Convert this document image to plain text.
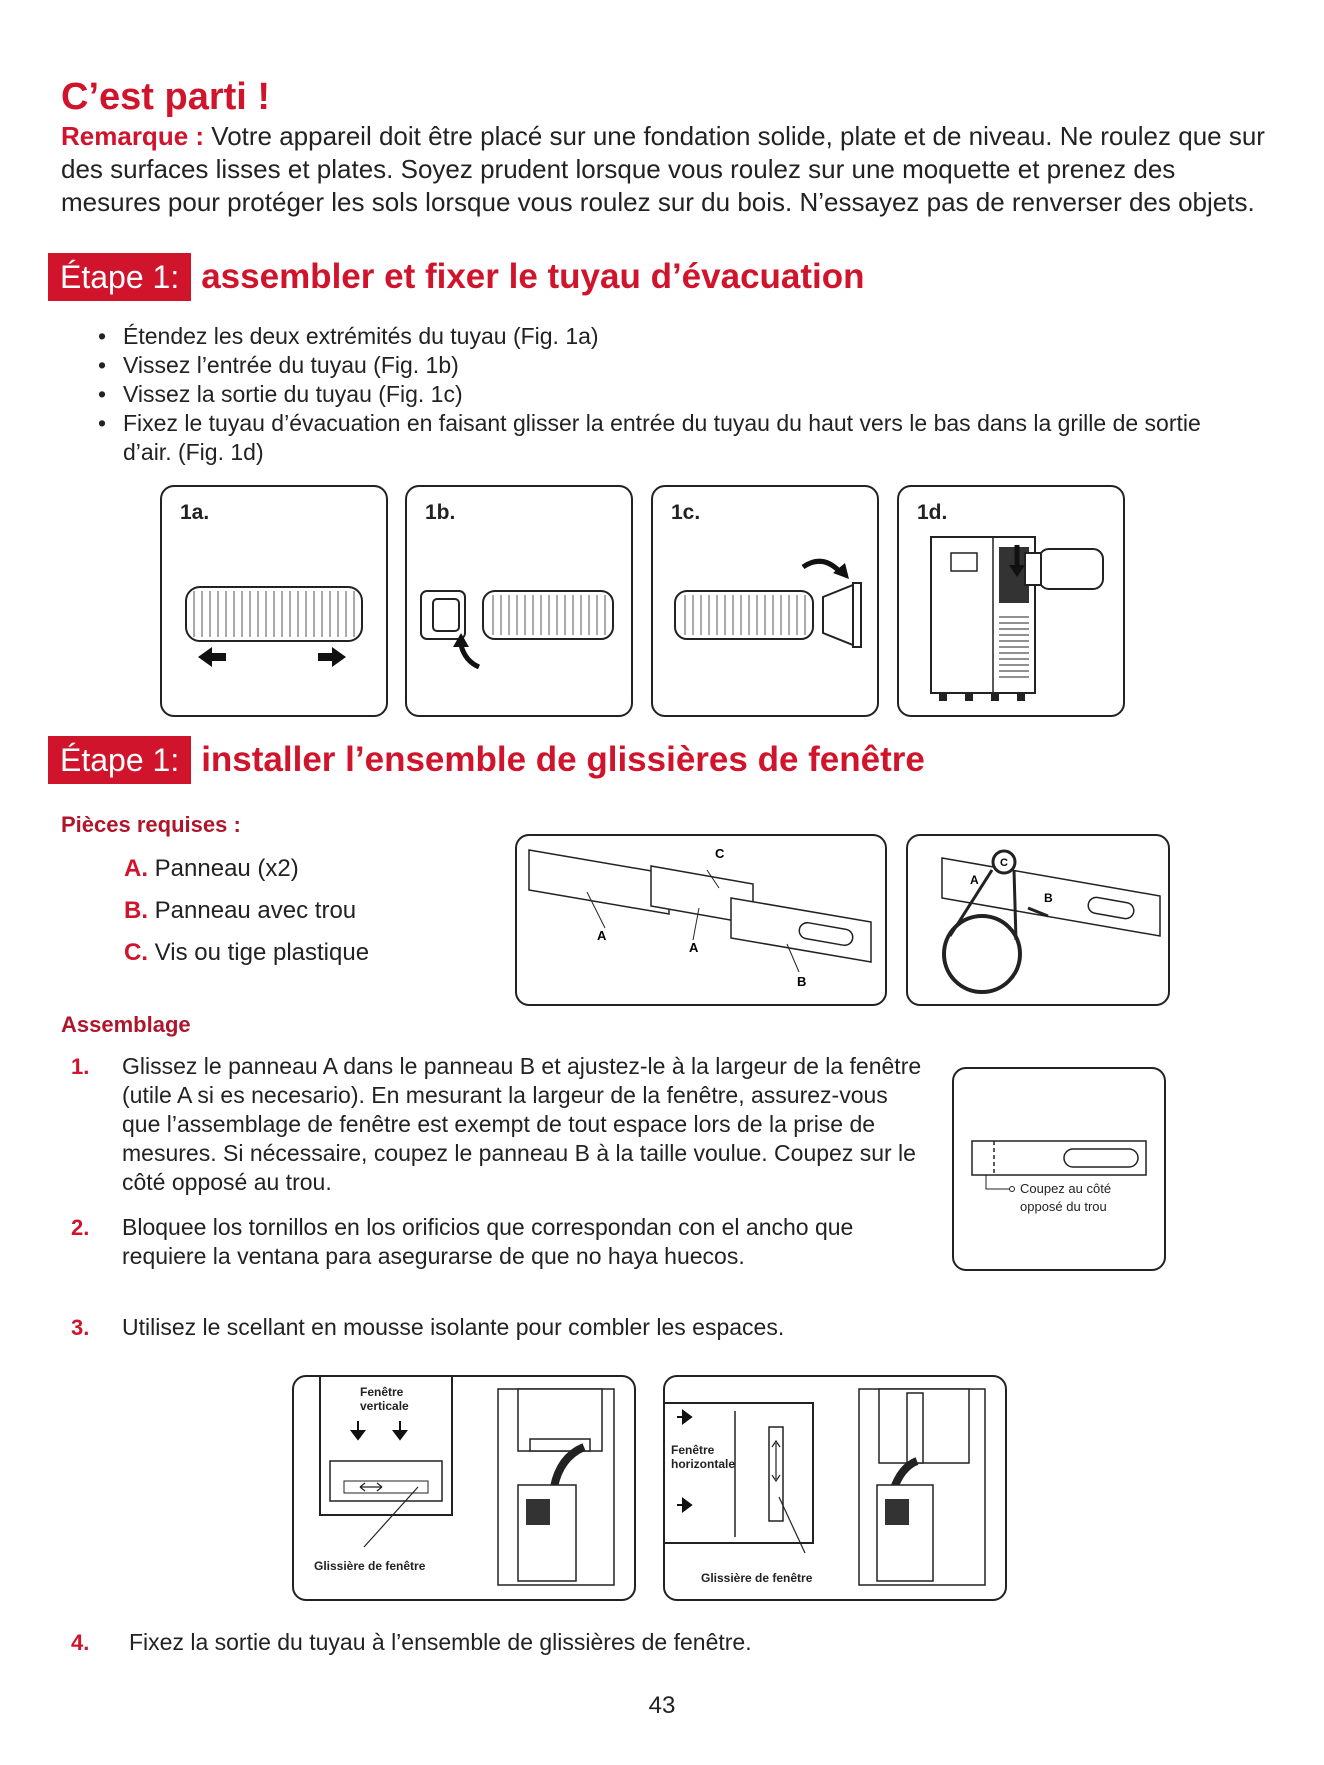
C’est parti !
Remarque : Votre appareil doit être placé sur une fondation solide, plate et de niveau. Ne roulez que sur des surfaces lisses et plates. Soyez prudent lorsque vous roulez sur une moquette et prenez des mesures pour protéger les sols lorsque vous roulez sur du bois. N’essayez pas de renverser des objets.
Étape 1: assembler et fixer le tuyau d’évacuation
• Étendez les deux extrémités du tuyau (Fig. 1a)
• Vissez l’entrée du tuyau (Fig. 1b)
• Vissez la sortie du tuyau (Fig. 1c)
• Fixez le tuyau d’évacuation en faisant glisser la entrée du tuyau du haut vers le bas dans la grille de sortie d’air. (Fig. 1d)
1a.	1b.	1c.	1d.
Étape 1: installer l’ensemble de glissières de fenêtre
Pièces requises :
A. Panneau (x2)
B. Panneau avec trou
C. Vis ou tige plastique
C
A
A
B
C
A
B
Assemblage
1. Glissez le panneau A dans le panneau B et ajustez-le à la largeur de la fenêtre (utile A si es necesario). En mesurant la largeur de la fenêtre, assurez-vous que l’assemblage de fenêtre est exempt de tout espace lors de la prise de mesures. Si nécessaire, coupez le panneau B à la taille voulue. Coupez sur le côté opposé au trou.
2. Bloquee los tornillos en los orificios que correspondan con el ancho que requiere la ventana para asegurarse de que no haya huecos.
3. Utilisez le scellant en mousse isolante pour combler les espaces.
Coupez au côté
opposé du trou
Fenêtre
verticale
Glissière de fenêtre
Fenêtre
horizontale
Glissière de fenêtre
4. Fixez la sortie du tuyau à l’ensemble de glissières de fenêtre.
43
